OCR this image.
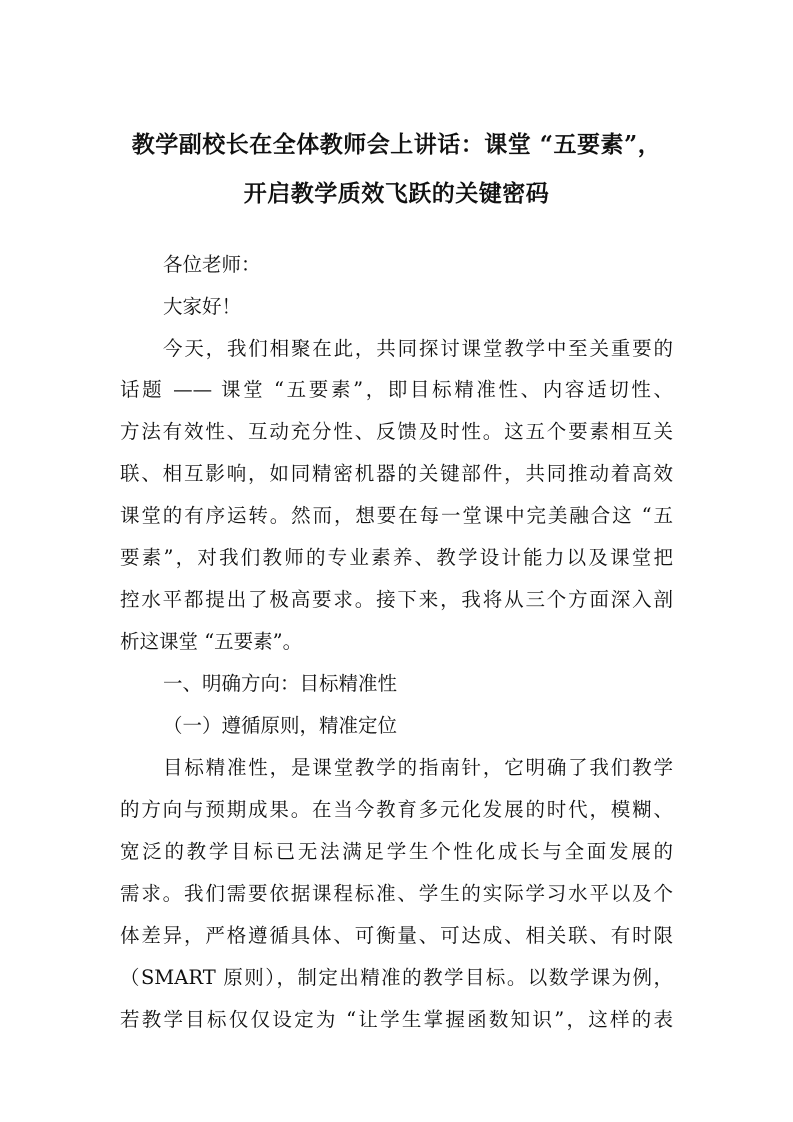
教学副校长在全体教师会上讲话：课堂 “五要素”，
开启教学质效飞跃的关键密码
各位老师：
大家好！
今天，我们相聚在此，共同探讨课堂教学中至关重要的
话题 —— 课堂 “五要素”，即目标精准性、内容适切性、
方法有效性、互动充分性、反馈及时性。这五个要素相互关
联、相互影响，如同精密机器的关键部件，共同推动着高效
课堂的有序运转。然而，想要在每一堂课中完美融合这 “五
要素”，对我们教师的专业素养、教学设计能力以及课堂把
控水平都提出了极高要求。接下来，我将从三个方面深入剖
析这课堂 “五要素”。
一、明确方向：目标精准性
（一）遵循原则，精准定位
目标精准性，是课堂教学的指南针，它明确了我们教学
的方向与预期成果。在当今教育多元化发展的时代，模糊、
宽泛的教学目标已无法满足学生个性化成长与全面发展的
需求。我们需要依据课程标准、学生的实际学习水平以及个
体差异，严格遵循具体、可衡量、可达成、相关联、有时限
（SMART 原则），制定出精准的教学目标。以数学课为例，
若教学目标仅仅设定为 “让学生掌握函数知识”，这样的表
